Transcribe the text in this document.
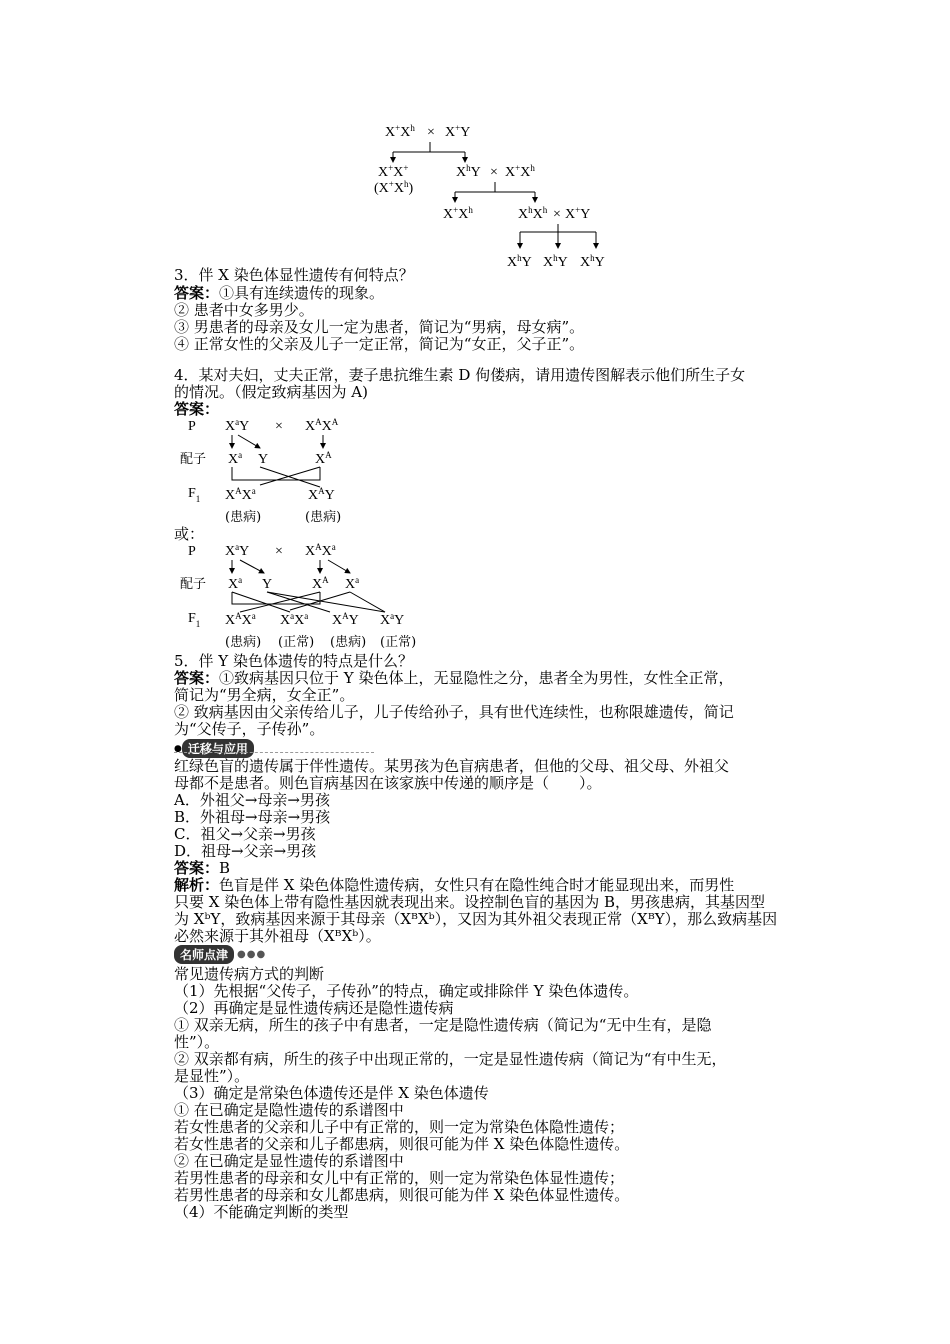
$X^+X^h \times X^+Y$
X+X+
$(X^+X^h)$
$X^hY \times X^+X^h$
$X^+X^h$	$X^hX^h \times X^+Y$
$X^hY$ $X^hY$ $X^hY$
3．伴 X 染色体显性遗传有何特点？
答案：①具有连续遗传的现象。
② 患者中女多男少。
③ 男患者的母亲及女儿一定为患者，简记为“男病，母女病”。
④ 正常女性的父亲及儿子一定正常，简记为“女正，父子正”。
4．某对夫妇，丈夫正常，妻子患抗维生素 D 佝偻病，请用遗传图解表示他们所生子女
的情况。（假定致病基因为 A)
答案：
P $X^aY \times X^AX^A$
配子 $X^a$ Y	$X^A$
$F_1$ $X^AX^a$	$X^AY$
(患病)	(患病)
或：
P $X^aY \times X^AX^a$
配子 $X^a$ Y	$X^A$ $X^a$
$F_1$ $X^AX^a$ $X^aX^a$ $X^AY$ $X^aY$
(患病) (正常) (患病) (正常)
5．伴 Y 染色体遗传的特点是什么？
答案：①致病基因只位于 Y 染色体上，无显隐性之分，患者全为男性，女性全正常，
简记为“男全病，女全正”。
② 致病基因由父亲传给儿子，儿子传给孙子，具有世代连续性，也称限雄遗传，简记
为“父传子，子传孙”。
● 迁移与应用
红绿色盲的遗传属于伴性遗传。某男孩为色盲病患者，但他的父母、祖父母、外祖父
母都不是患者。则色盲病基因在该家族中传递的顺序是（　　）。
A．外祖父→母亲→男孩
B．外祖母→母亲→男孩
C．祖父→父亲→男孩
D．祖母→父亲→男孩
答案：B
解析：色盲是伴 X 染色体隐性遗传病，女性只有在隐性纯合时才能显现出来，而男性
只要 X 染色体上带有隐性基因就表现出来。设控制色盲的基因为 B，男孩患病，其基因型
为 XᵇY，致病基因来源于其母亲（XᴮXᵇ），又因为其外祖父表现正常（XᴮY），那么致病基因
必然来源于其外祖母（XᴮXᵇ）。
名师点津 ●●●
常见遗传病方式的判断
（1）先根据“父传子，子传孙”的特点，确定或排除伴 Y 染色体遗传。
（2）再确定是显性遗传病还是隐性遗传病
① 双亲无病，所生的孩子中有患者，一定是隐性遗传病（简记为“无中生有，是隐
性”）。
② 双亲都有病，所生的孩子中出现正常的，一定是显性遗传病（简记为“有中生无，
是显性”）。
（3）确定是常染色体遗传还是伴 X 染色体遗传
① 在已确定是隐性遗传的系谱图中
若女性患者的父亲和儿子中有正常的，则一定为常染色体隐性遗传；
若女性患者的父亲和儿子都患病，则很可能为伴 X 染色体隐性遗传。
② 在已确定是显性遗传的系谱图中
若男性患者的母亲和女儿中有正常的，则一定为常染色体显性遗传；
若男性患者的母亲和女儿都患病，则很可能为伴 X 染色体显性遗传。
（4）不能确定判断的类型
